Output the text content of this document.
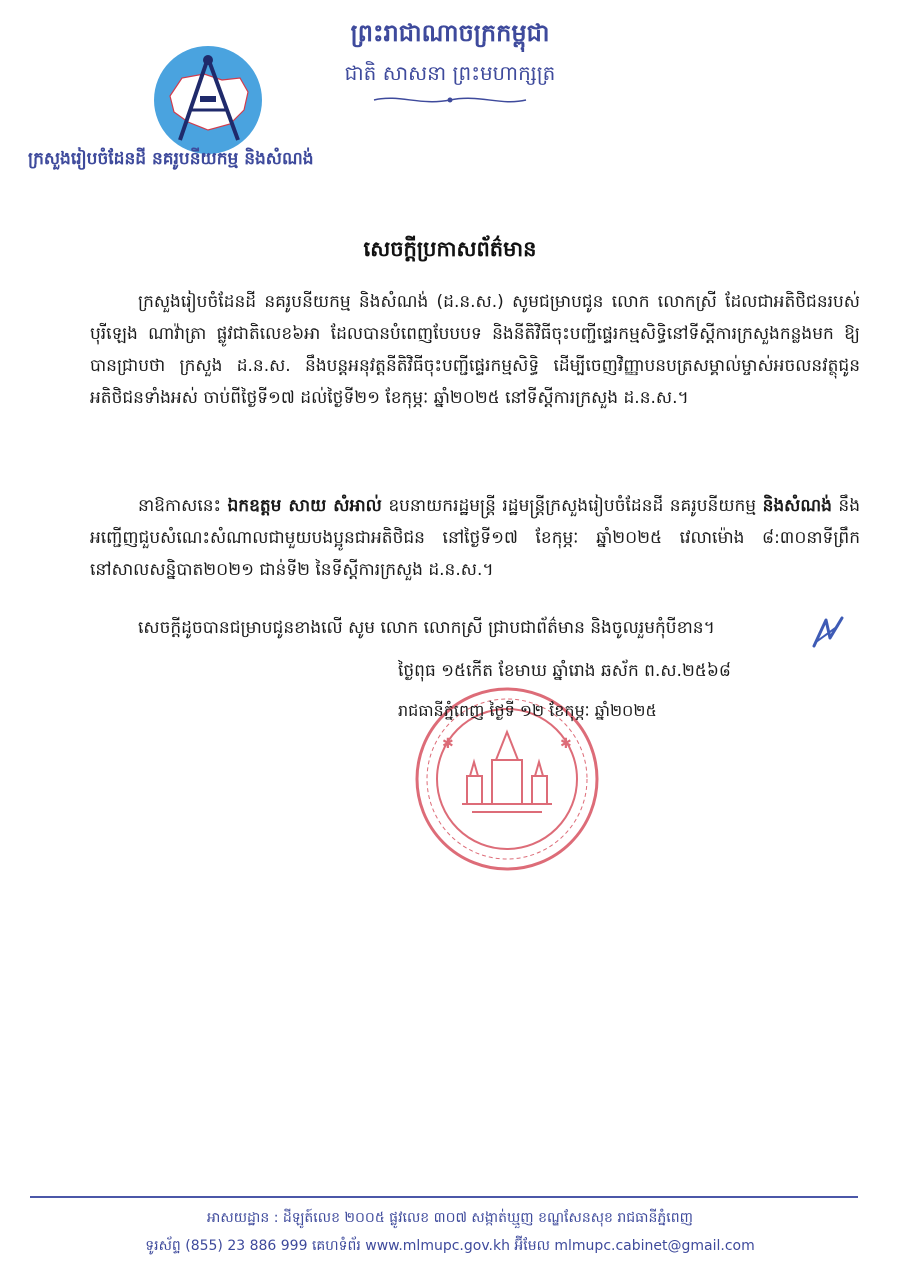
ក្រសួងរៀបចំដែនដី នគរូបនីយកម្ម និងសំណង់
ព្រះរាជាណាចក្រកម្ពុជា
ជាតិ សាសនា ព្រះមហាក្សត្រ
សេចក្តីប្រកាសព័ត៌មាន
ក្រសួងរៀបចំដែនដី នគរូបនីយកម្ម និងសំណង់ (ដ.ន.ស.) សូមជម្រាបជូន លោក លោកស្រី ដែលជាអតិថិជនរបស់បុរីឡេង ណាវ៉ាត្រា ផ្លូវជាតិលេខ៦អា ដែលបានបំពេញបែបបទ និងនីតិវិធីចុះបញ្ជីផ្ទេរកម្មសិទ្ធិនៅទីស្តីការក្រសួងកន្លងមក ឱ្យបានជ្រាបថា ក្រសួង ដ.ន.ស. នឹងបន្តអនុវត្តនីតិវិធីចុះបញ្ជីផ្ទេរកម្មសិទ្ធិ ដើម្បីចេញវិញ្ញាបនបត្រសម្គាល់ម្ចាស់អចលនវត្ថុជូនអតិថិជនទាំងអស់ ចាប់ពីថ្ងៃទី១៧ ដល់ថ្ងៃទី២១ ខែកុម្ភៈ ឆ្នាំ២០២៥ នៅទីស្តីការក្រសួង ដ.ន.ស.។
នាឱកាសនេះ ឯកឧត្តម សាយ សំអាល់ ឧបនាយករដ្ឋមន្ត្រី រដ្ឋមន្ត្រីក្រសួងរៀបចំដែនដី នគរូបនីយកម្ម និងសំណង់ នឹងអញ្ជើញជួបសំណេះសំណាលជាមួយបងប្អូនជាអតិថិជន នៅថ្ងៃទី១៧ ខែកុម្ភៈ ឆ្នាំ២០២៥ វេលាម៉ោង ៨:៣០នាទីព្រឹក នៅសាលសន្និបាត២០២១ ជាន់ទី២ នៃទីស្តីការក្រសួង ដ.ន.ស.។
សេចក្តីដូចបានជម្រាបជូនខាងលើ សូម លោក លោកស្រី ជ្រាបជាព័ត៌មាន និងចូលរួមកុំបីខាន។
✱	✱
ថ្ងៃពុធ ១៥កើត ខែមាឃ ឆ្នាំរោង ឆស័ក ព.ស.២៥៦៨
រាជធានីភ្នំពេញ ថ្ងៃទី ១២ ខែកុម្ភៈ ឆ្នាំ២០២៥
អាសយដ្ឋាន : ដីឡូត៍លេខ ២០០៥ ផ្លូវលេខ ៣០៧ សង្កាត់ឃ្មួញ ខណ្ឌសែនសុខ រាជធានីភ្នំពេញ
ទូរស័ព្ទ (855) 23 886 999 គេហទំព័រ www.mlmupc.gov.kh អ៊ីមែល mlmupc.cabinet@gmail.com
